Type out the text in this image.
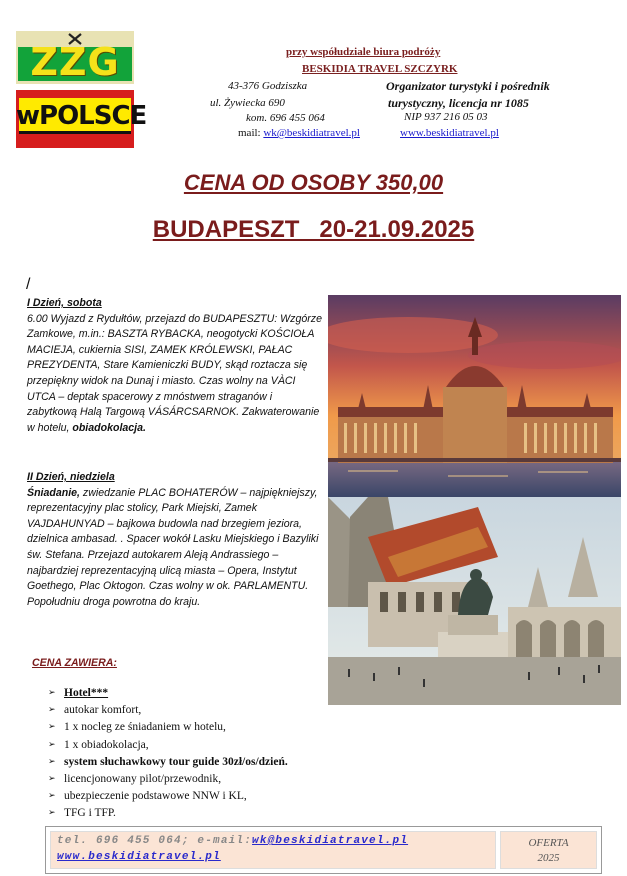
ZZG
wPOLSCE
przy współudziale biura podróży
BESKIDIA TRAVEL SZCZYRK
43-376 Godziszka
ul. Żywiecka 690
kom. 696 455 064
mail: wk@beskidiatravel.pl
Organizator turystyki i pośrednik
turystyczny, licencja nr 1085
NIP 937 216 05 03
www.beskidiatravel.pl
CENA OD OSOBY 350,00
BUDAPESZT   20-21.09.2025
/
I Dzień, sobota
6.00 Wyjazd z Rydułtów, przejazd do BUDAPESZTU: Wzgórze Zamkowe, m.in.: BASZTA RYBACKA, neogotycki KOŚCIOŁA MACIEJA, cukiernia SISI, ZAMEK KRÓLEWSKI, PAŁAC PREZYDENTA, Stare Kamieniczki BUDY, skąd roztacza się przepiękny widok na Dunaj i miasto. Czas wolny na VÀCI UTCA – deptak spacerowy z mnóstwem straganów i zabytkową Halą Targową VÁSÁRCSARNOK. Zakwaterowanie w hotelu, obiadokolacja.
II Dzień, niedziela
Śniadanie, zwiedzanie PLAC BOHATERÓW – najpiękniejszy, reprezentacyjny plac stolicy, Park Miejski, Zamek VAJDAHUNYAD – bajkowa budowla nad brzegiem jeziora, dzielnica ambasad. . Spacer wokół Lasku Miejskiego i Bazyliki św. Stefana. Przejazd autokarem Aleją Andrassiego – najbardziej reprezentacyjną ulicą miasta – Opera, Instytut Goethego, Plac Oktogon. Czas wolny w ok. PARLAMENTU. Popołudniu droga powrotna do kraju.
CENA ZAWIERA:
➢ Hotel***
➢ autokar komfort,
➢ 1 x nocleg ze śniadaniem w hotelu,
➢ 1 x obiadokolacja,
➢ system słuchawkowy tour guide 30zł/os/dzień.
➢ licencjonowany pilot/przewodnik,
➢ ubezpieczenie podstawowe NNW i KL,
➢ TFG i TFP.
tel. 696 455 064; e-mail:wk@beskidiatravel.pl
www.beskidiatravel.pl
OFERTA
2025
